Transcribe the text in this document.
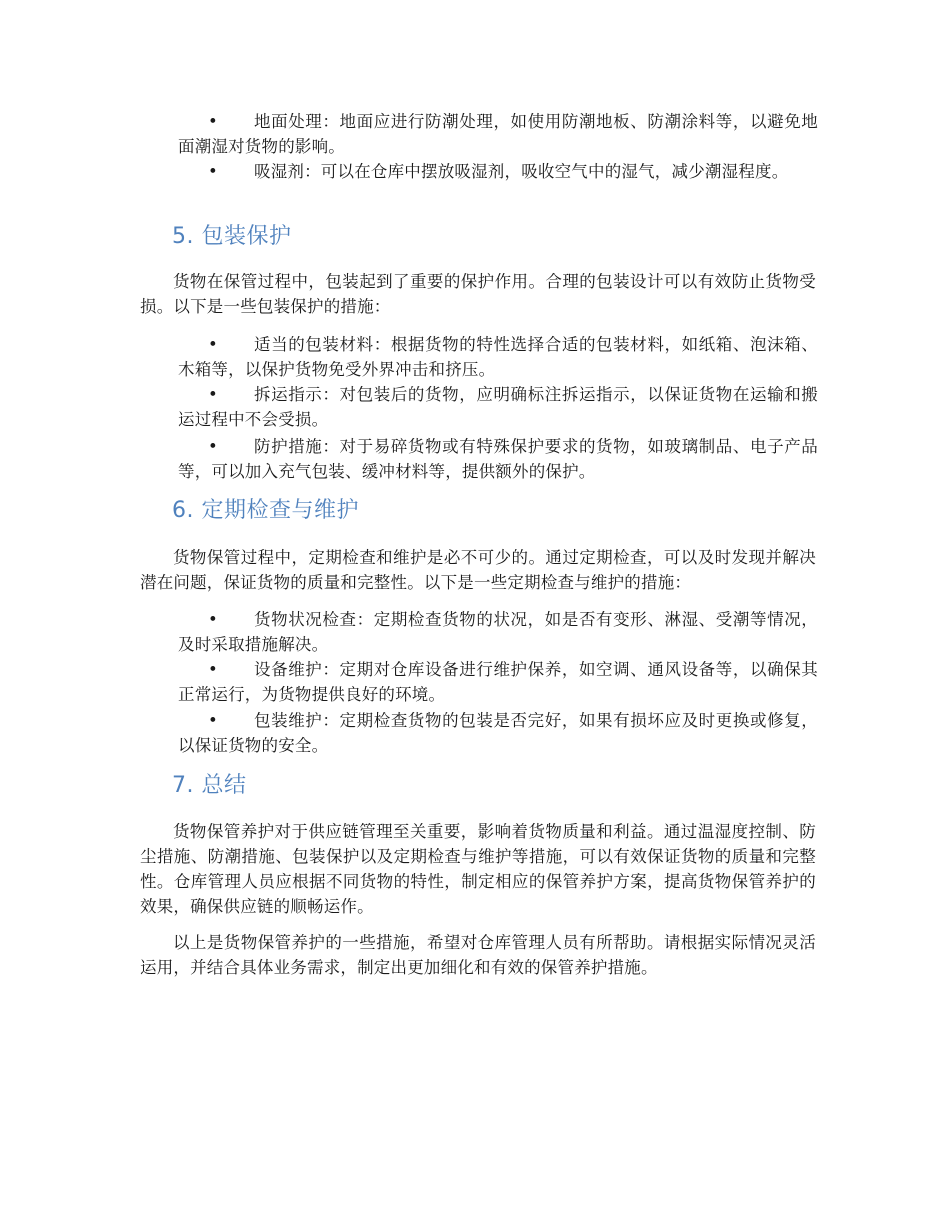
•	地面处理：地面应进行防潮处理，如使用防潮地板、防潮涂料等，以避免地面潮湿对货物的影响。
•	吸湿剂：可以在仓库中摆放吸湿剂，吸收空气中的湿气，减少潮湿程度。
5. 包装保护
货物在保管过程中，包装起到了重要的保护作用。合理的包装设计可以有效防止货物受损。以下是一些包装保护的措施：
•	适当的包装材料：根据货物的特性选择合适的包装材料，如纸箱、泡沫箱、木箱等，以保护货物免受外界冲击和挤压。
•	拆运指示：对包装后的货物，应明确标注拆运指示，以保证货物在运输和搬运过程中不会受损。
•	防护措施：对于易碎货物或有特殊保护要求的货物，如玻璃制品、电子产品等，可以加入充气包装、缓冲材料等，提供额外的保护。
6. 定期检查与维护
货物保管过程中，定期检查和维护是必不可少的。通过定期检查，可以及时发现并解决潜在问题，保证货物的质量和完整性。以下是一些定期检查与维护的措施：
•	货物状况检查：定期检查货物的状况，如是否有变形、淋湿、受潮等情况，及时采取措施解决。
•	设备维护：定期对仓库设备进行维护保养，如空调、通风设备等，以确保其正常运行，为货物提供良好的环境。
•	包装维护：定期检查货物的包装是否完好，如果有损坏应及时更换或修复，以保证货物的安全。
7. 总结
货物保管养护对于供应链管理至关重要，影响着货物质量和利益。通过温湿度控制、防尘措施、防潮措施、包装保护以及定期检查与维护等措施，可以有效保证货物的质量和完整性。仓库管理人员应根据不同货物的特性，制定相应的保管养护方案，提高货物保管养护的效果，确保供应链的顺畅运作。
以上是货物保管养护的一些措施，希望对仓库管理人员有所帮助。请根据实际情况灵活运用，并结合具体业务需求，制定出更加细化和有效的保管养护措施。
